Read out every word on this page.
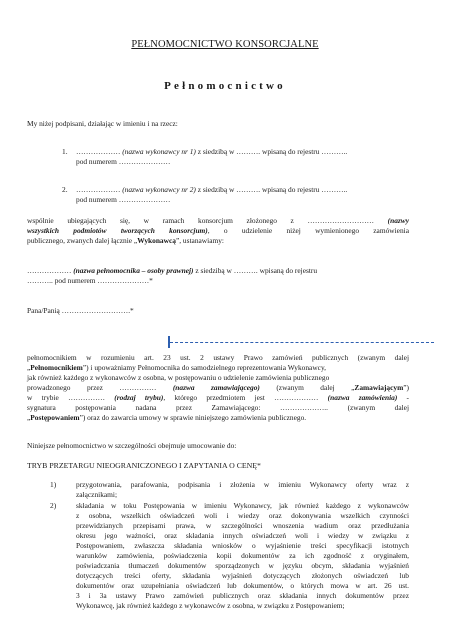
PEŁNOMOCNICTWO KONSORCJALNE
Pełnomocnictwo
My niżej podpisani, działając w imieniu i na rzecz:
1. ……………… (nazwa wykonawcy nr 1) z siedzibą w ………. wpisaną do rejestru ………..
pod numerem …………………
2. ……………… (nazwa wykonawcy nr 2) z siedzibą w ………. wpisaną do rejestru ………..
pod numerem …………………
wspólnie ubiegających się, w ramach konsorcjum złożonego z ……………………… (nazwy
wszystkich podmiotów tworzących konsorcjum), o udzielenie niżej wymienionego zamówienia
publicznego, zwanych dalej łącznie „Wykonawcą”, ustanawiamy:
……………… (nazwa pełnomocnika – osoby prawnej) z siedzibą w ………. wpisaną do rejestru
……….. pod numerem …………………*
Pana/Panią ……………………….*
pełnomocnikiem w rozumieniu art. 23 ust. 2 ustawy Prawo zamówień publicznych (zwanym dalej
„Pełnomocnikiem”) i upoważniamy Pełnomocnika do samodzielnego reprezentowania Wykonawcy,
jak również każdego z wykonawców z osobna, w postępowaniu o udzielenie zamówienia publicznego
prowadzonego przez …………… (nazwa zamawiającego) (zwanym dalej „Zamawiającym”)
w trybie …………… (rodzaj trybu), którego przedmiotem jest ……………… (nazwa zamówienia) -
sygnatura postępowania nadana przez Zamawiającego: ……………….. (zwanym dalej
„Postępowaniem”) oraz do zawarcia umowy w sprawie niniejszego zamówienia publicznego.
Niniejsze pełnomocnictwo w szczególności obejmuje umocowanie do:
TRYB PRZETARGU NIEOGRANICZONEGO I ZAPYTANIA O CENĘ*
1)	przygotowania, parafowania, podpisania i złożenia w imieniu Wykonawcy oferty wraz z
załącznikami;
2)	składania w toku Postępowania w imieniu Wykonawcy, jak również każdego z wykonawców
z osobna, wszelkich oświadczeń woli i wiedzy oraz dokonywania wszelkich czynności
przewidzianych przepisami prawa, w szczególności wnoszenia wadium oraz przedłużania
okresu jego ważności, oraz składania innych oświadczeń woli i wiedzy w związku z
Postępowaniem, zwłaszcza składania wniosków o wyjaśnienie treści specyfikacji istotnych
warunków zamówienia, poświadczenia kopii dokumentów za ich zgodność z oryginałem,
poświadczania tłumaczeń dokumentów sporządzonych w języku obcym, składania wyjaśnień
dotyczących treści oferty, składania wyjaśnień dotyczących złożonych oświadczeń lub
dokumentów oraz uzupełniania oświadczeń lub dokumentów, o których mowa w art. 26 ust.
3 i 3a ustawy Prawo zamówień publicznych oraz składania innych dokumentów przez
Wykonawcę, jak również każdego z wykonawców z osobna, w związku z Postępowaniem;
